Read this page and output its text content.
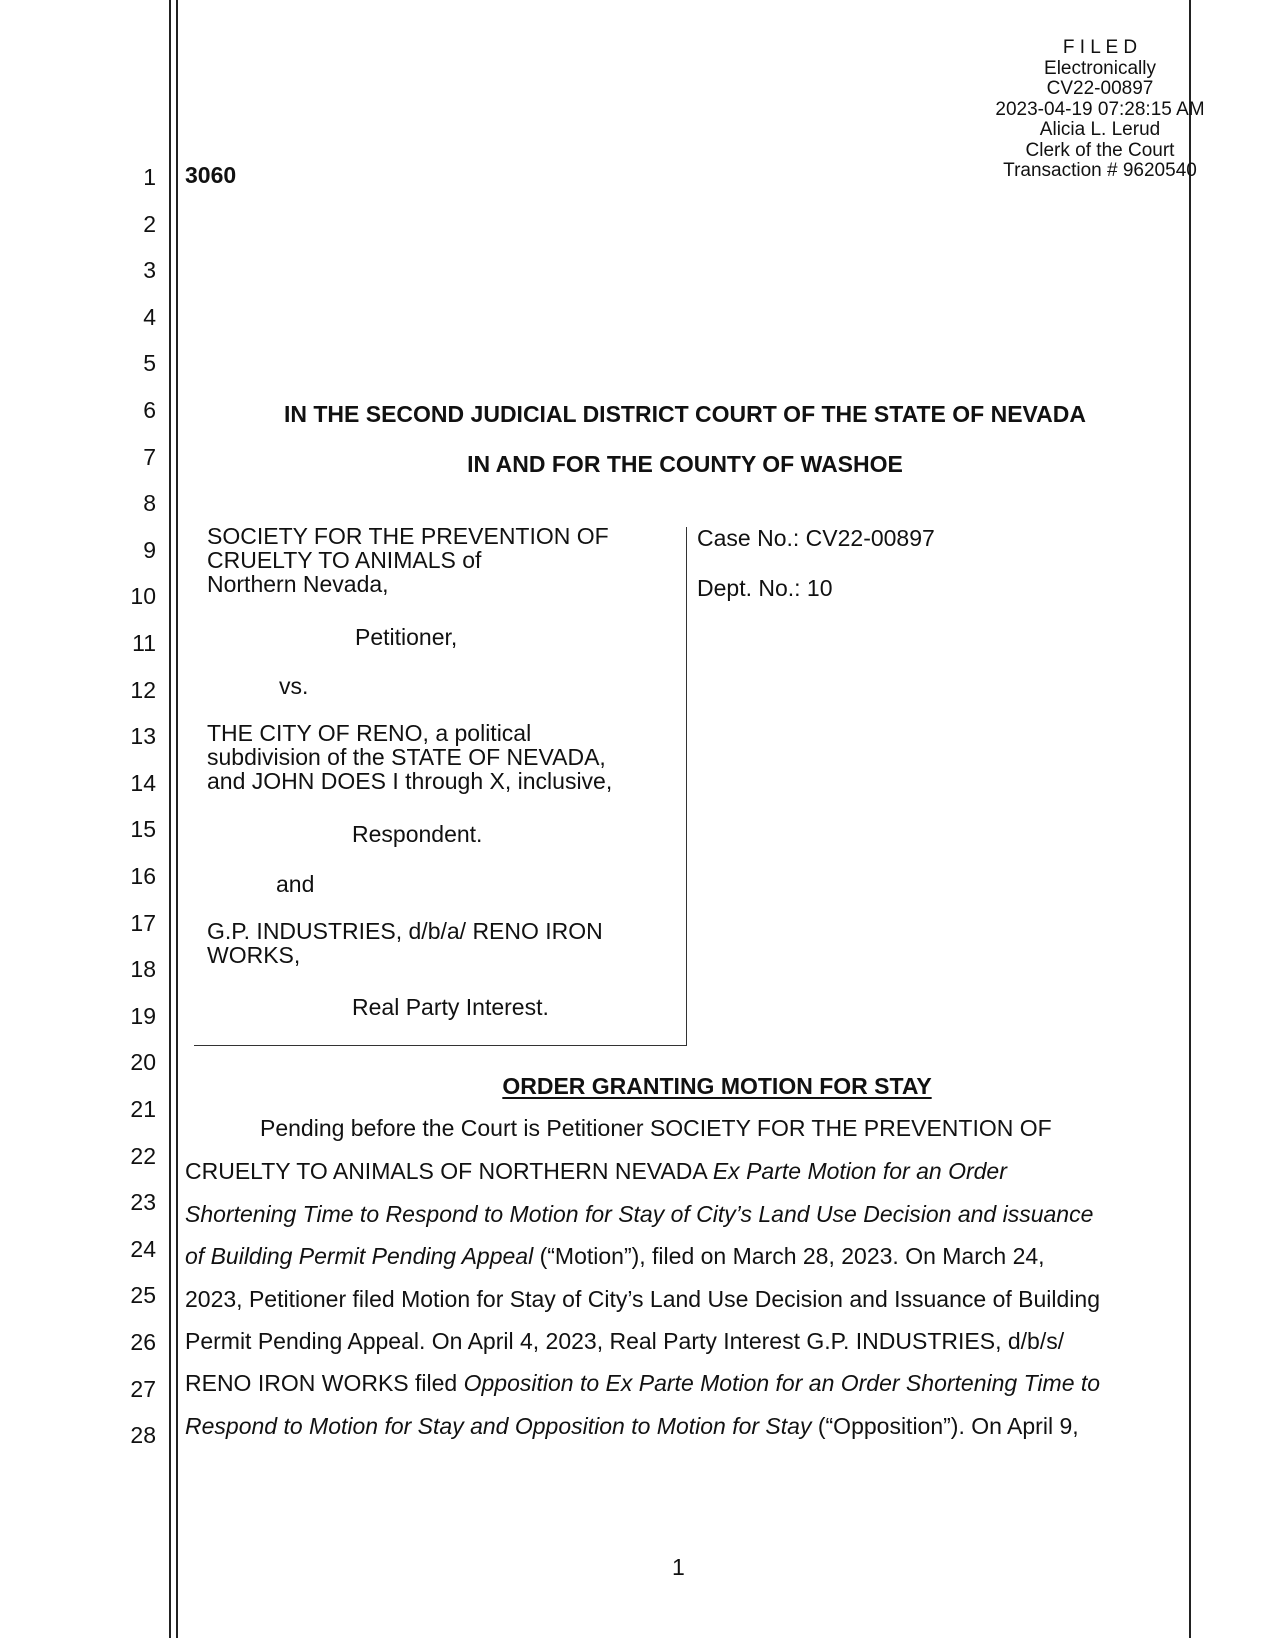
F I L E D
Electronically
CV22-00897
2023-04-19 07:28:15 AM
Alicia L. Lerud
Clerk of the Court
Transaction # 9620540
3060
1
2
3
4
5
6
7
8
9
10
11
12
13
14
15
16
17
18
19
20
21
22
23
24
25
26
27
28
IN THE SECOND JUDICIAL DISTRICT COURT OF THE STATE OF NEVADA
IN AND FOR THE COUNTY OF WASHOE
SOCIETY FOR THE PREVENTION OF
CRUELTY TO ANIMALS of
Northern Nevada,
Petitioner,
vs.
THE CITY OF RENO, a political
subdivision of the STATE OF NEVADA,
and JOHN DOES I through X, inclusive,
Respondent.
and
G.P. INDUSTRIES, d/b/a/ RENO IRON
WORKS,
Real Party Interest.
Case No.: CV22-00897
Dept. No.: 10
ORDER GRANTING MOTION FOR STAY
Pending before the Court is Petitioner SOCIETY FOR THE PREVENTION OF
CRUELTY TO ANIMALS OF NORTHERN NEVADA Ex Parte Motion for an Order
Shortening Time to Respond to Motion for Stay of City’s Land Use Decision and issuance
of Building Permit Pending Appeal (“Motion”), filed on March 28, 2023. On March 24,
2023, Petitioner filed Motion for Stay of City’s Land Use Decision and Issuance of Building
Permit Pending Appeal. On April 4, 2023, Real Party Interest G.P. INDUSTRIES, d/b/s/
RENO IRON WORKS filed Opposition to Ex Parte Motion for an Order Shortening Time to
Respond to Motion for Stay and Opposition to Motion for Stay (“Opposition”). On April 9,
1
